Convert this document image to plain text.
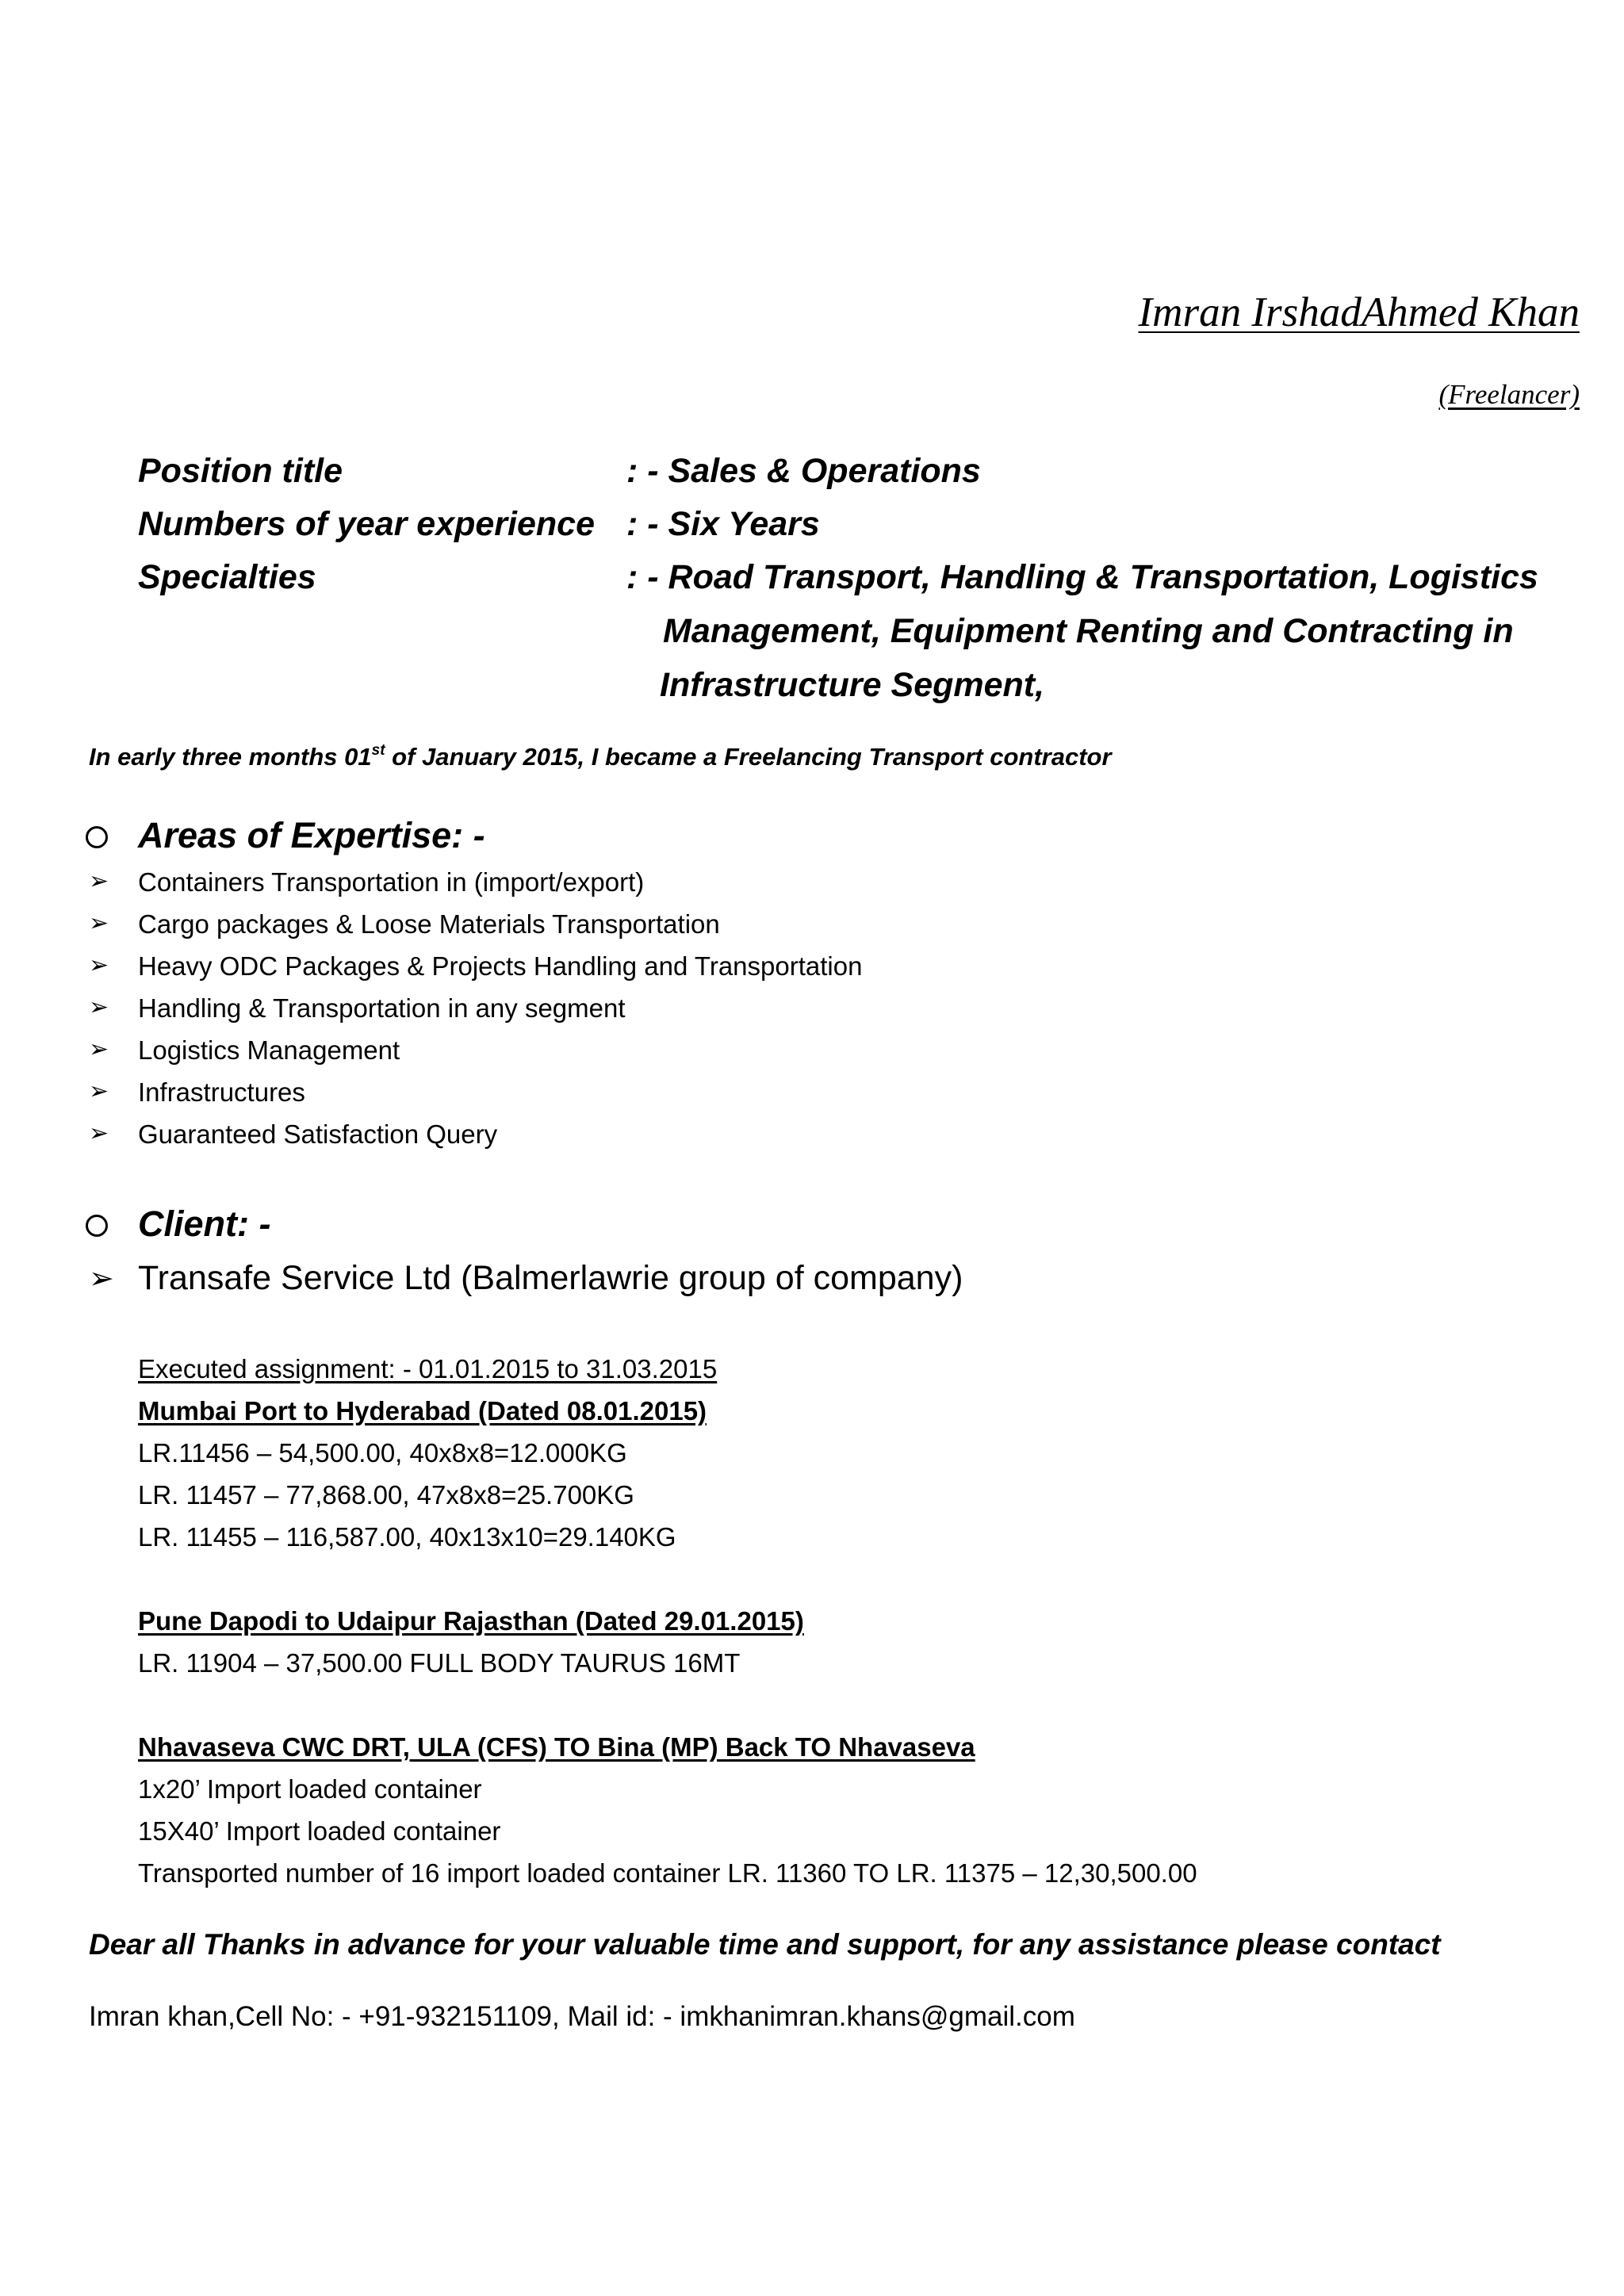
Imran IrshadAhmed Khan
(Freelancer)
Position title	: - Sales & Operations
Numbers of year experience : - Six Years
Specialties	: - Road Transport, Handling & Transportation, Logistics
Management, Equipment Renting and Contracting in
Infrastructure Segment,
In early three months 01st of January 2015, I became a Freelancing Transport contractor
Areas of Expertise: -
➢ Containers Transportation in (import/export)
➢ Cargo packages & Loose Materials Transportation
➢ Heavy ODC Packages & Projects Handling and Transportation
➢ Handling & Transportation in any segment
➢ Logistics Management
➢ Infrastructures
➢ Guaranteed Satisfaction Query
Client: -
➢ Transafe Service Ltd (Balmerlawrie group of company)
Executed assignment: - 01.01.2015 to 31.03.2015
Mumbai Port to Hyderabad (Dated 08.01.2015)
LR.11456 – 54,500.00, 40x8x8=12.000KG
LR. 11457 – 77,868.00, 47x8x8=25.700KG
LR. 11455 – 116,587.00, 40x13x10=29.140KG
Pune Dapodi to Udaipur Rajasthan (Dated 29.01.2015)
LR. 11904 – 37,500.00 FULL BODY TAURUS 16MT
Nhavaseva CWC DRT, ULA (CFS) TO Bina (MP) Back TO Nhavaseva
1x20’ Import loaded container
15X40’ Import loaded container
Transported number of 16 import loaded container LR. 11360 TO LR. 11375 – 12,30,500.00
Dear all Thanks in advance for your valuable time and support, for any assistance please contact
Imran khan,Cell No: - +91-932151109, Mail id: - imkhanimran.khans@gmail.com
